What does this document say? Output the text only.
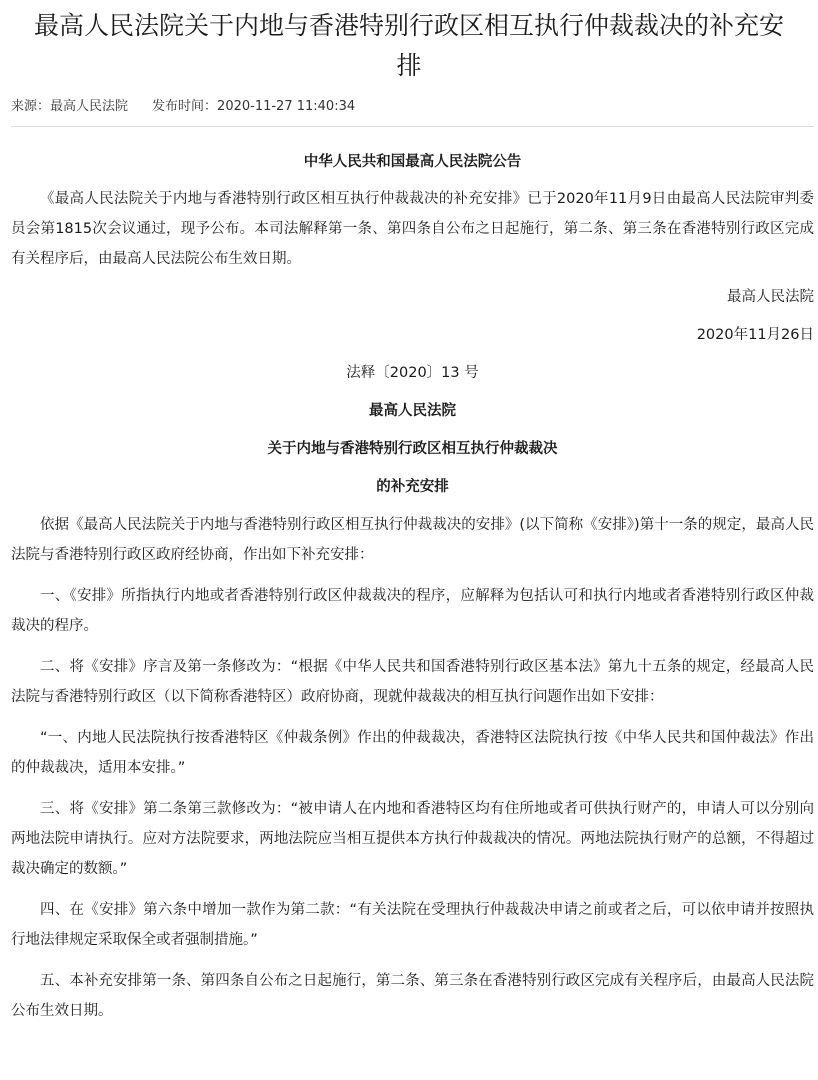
最高人民法院关于内地与香港特别行政区相互执行仲裁裁决的补充安排
来源：最高人民法院 发布时间：2020-11-27 11:40:34

中华人民共和国最高人民法院公告

《最高人民法院关于内地与香港特别行政区相互执行仲裁裁决的补充安排》已于2020年11月9日由最高人民法院审判委员会第1815次会议通过，现予公布。本司法解释第一条、第四条自公布之日起施行，第二条、第三条在香港特别行政区完成有关程序后，由最高人民法院公布生效日期。

最高人民法院

2020年11月26日

法释〔2020〕13 号

最高人民法院

关于内地与香港特别行政区相互执行仲裁裁决

的补充安排

依据《最高人民法院关于内地与香港特别行政区相互执行仲裁裁决的安排》(以下简称《安排》)第十一条的规定，最高人民法院与香港特别行政区政府经协商，作出如下补充安排：

一、《安排》所指执行内地或者香港特别行政区仲裁裁决的程序，应解释为包括认可和执行内地或者香港特别行政区仲裁裁决的程序。

二、将《安排》序言及第一条修改为：“根据《中华人民共和国香港特别行政区基本法》第九十五条的规定，经最高人民法院与香港特别行政区（以下简称香港特区）政府协商，现就仲裁裁决的相互执行问题作出如下安排：

“一、内地人民法院执行按香港特区《仲裁条例》作出的仲裁裁决，香港特区法院执行按《中华人民共和国仲裁法》作出的仲裁裁决，适用本安排。”

三、将《安排》第二条第三款修改为：“被申请人在内地和香港特区均有住所地或者可供执行财产的，申请人可以分别向两地法院申请执行。应对方法院要求，两地法院应当相互提供本方执行仲裁裁决的情况。两地法院执行财产的总额，不得超过裁决确定的数额。”

四、在《安排》第六条中增加一款作为第二款：“有关法院在受理执行仲裁裁决申请之前或者之后，可以依申请并按照执行地法律规定采取保全或者强制措施。”

五、本补充安排第一条、第四条自公布之日起施行，第二条、第三条在香港特别行政区完成有关程序后，由最高人民法院公布生效日期。
